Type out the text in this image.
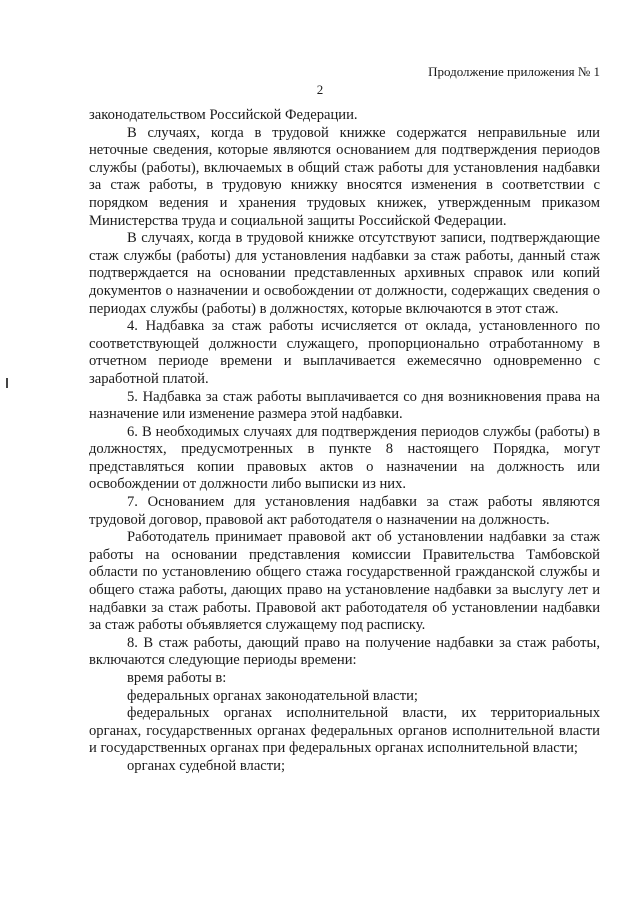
Продолжение приложения № 1
2

законодательством Российской Федерации.

В случаях, когда в трудовой книжке содержатся неправильные или неточные сведения, которые являются основанием для подтверждения периодов службы (работы), включаемых в общий стаж работы для установления надбавки за стаж работы, в трудовую книжку вносятся изменения в соответствии с порядком ведения и хранения трудовых книжек, утвержденным приказом Министерства труда и социальной защиты Российской Федерации.

В случаях, когда в трудовой книжке отсутствуют записи, подтверждающие стаж службы (работы) для установления надбавки за стаж работы, данный стаж подтверждается на основании представленных архивных справок или копий документов о назначении и освобождении от должности, содержащих сведения о периодах службы (работы) в должностях, которые включаются в этот стаж.

4. Надбавка за стаж работы исчисляется от оклада, установленного по соответствующей должности служащего, пропорционально отработанному в отчетном периоде времени и выплачивается ежемесячно одновременно с заработной платой.

5. Надбавка за стаж работы выплачивается со дня возникновения права на назначение или изменение размера этой надбавки.

6. В необходимых случаях для подтверждения периодов службы (работы) в должностях, предусмотренных в пункте 8 настоящего Порядка, могут представляться копии правовых актов о назначении на должность или освобождении от должности либо выписки из них.

7. Основанием для установления надбавки за стаж работы являются трудовой договор, правовой акт работодателя о назначении на должность.

Работодатель принимает правовой акт об установлении надбавки за стаж работы на основании представления комиссии Правительства Тамбовской области по установлению общего стажа государственной гражданской службы и общего стажа работы, дающих право на установление надбавки за выслугу лет и надбавки за стаж работы. Правовой акт работодателя об установлении надбавки за стаж работы объявляется служащему под расписку.

8. В стаж работы, дающий право на получение надбавки за стаж работы, включаются следующие периоды времени:

время работы в:

федеральных органах законодательной власти;

федеральных органах исполнительной власти, их территориальных органах, государственных органах федеральных органов исполнительной власти и государственных органах при федеральных органах исполнительной власти;

органах судебной власти;
